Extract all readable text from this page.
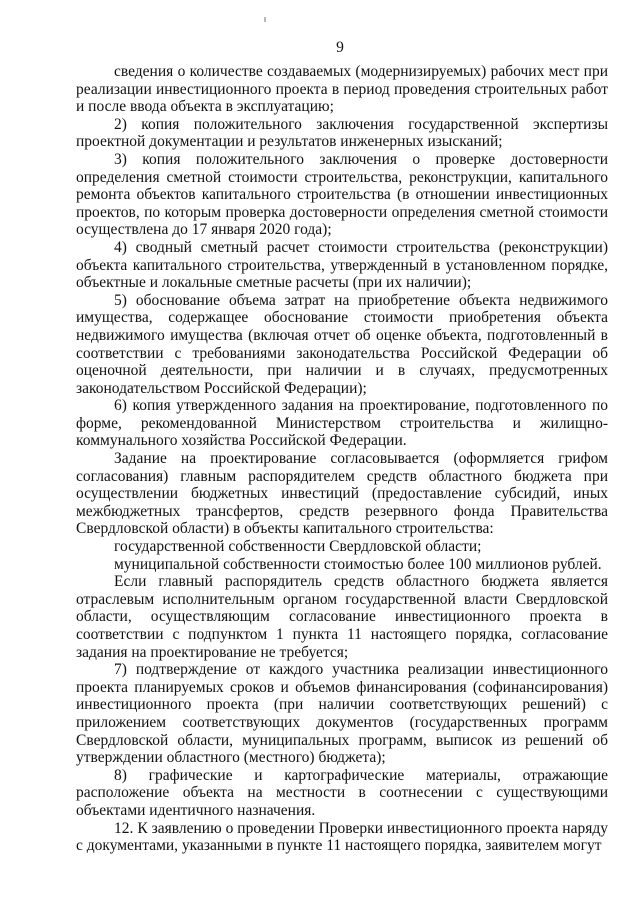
9

сведения о количестве создаваемых (модернизируемых) рабочих мест при реализации инвестиционного проекта в период проведения строительных работ и после ввода объекта в эксплуатацию;

2) копия положительного заключения государственной экспертизы проектной документации и результатов инженерных изысканий;

3) копия положительного заключения о проверке достоверности определения сметной стоимости строительства, реконструкции, капитального ремонта объектов капитального строительства (в отношении инвестиционных проектов, по которым проверка достоверности определения сметной стоимости осуществлена до 17 января 2020 года);

4) сводный сметный расчет стоимости строительства (реконструкции) объекта капитального строительства, утвержденный в установленном порядке, объектные и локальные сметные расчеты (при их наличии);

5) обоснование объема затрат на приобретение объекта недвижимого имущества, содержащее обоснование стоимости приобретения объекта недвижимого имущества (включая отчет об оценке объекта, подготовленный в соответствии с требованиями законодательства Российской Федерации об оценочной деятельности, при наличии и в случаях, предусмотренных законодательством Российской Федерации);

6) копия утвержденного задания на проектирование, подготовленного по форме, рекомендованной Министерством строительства и жилищно-коммунального хозяйства Российской Федерации.

Задание на проектирование согласовывается (оформляется грифом согласования) главным распорядителем средств областного бюджета при осуществлении бюджетных инвестиций (предоставление субсидий, иных межбюджетных трансфертов, средств резервного фонда Правительства Свердловской области) в объекты капитального строительства:

государственной собственности Свердловской области;

муниципальной собственности стоимостью более 100 миллионов рублей.

Если главный распорядитель средств областного бюджета является отраслевым исполнительным органом государственной власти Свердловской области, осуществляющим согласование инвестиционного проекта в соответствии с подпунктом 1 пункта 11 настоящего порядка, согласование задания на проектирование не требуется;

7) подтверждение от каждого участника реализации инвестиционного проекта планируемых сроков и объемов финансирования (софинансирования) инвестиционного проекта (при наличии соответствующих решений) с приложением соответствующих документов (государственных программ Свердловской области, муниципальных программ, выписок из решений об утверждении областного (местного) бюджета);

8) графические и картографические материалы, отражающие расположение объекта на местности в соотнесении с существующими объектами идентичного назначения.

12. К заявлению о проведении Проверки инвестиционного проекта наряду с документами, указанными в пункте 11 настоящего порядка, заявителем могут
